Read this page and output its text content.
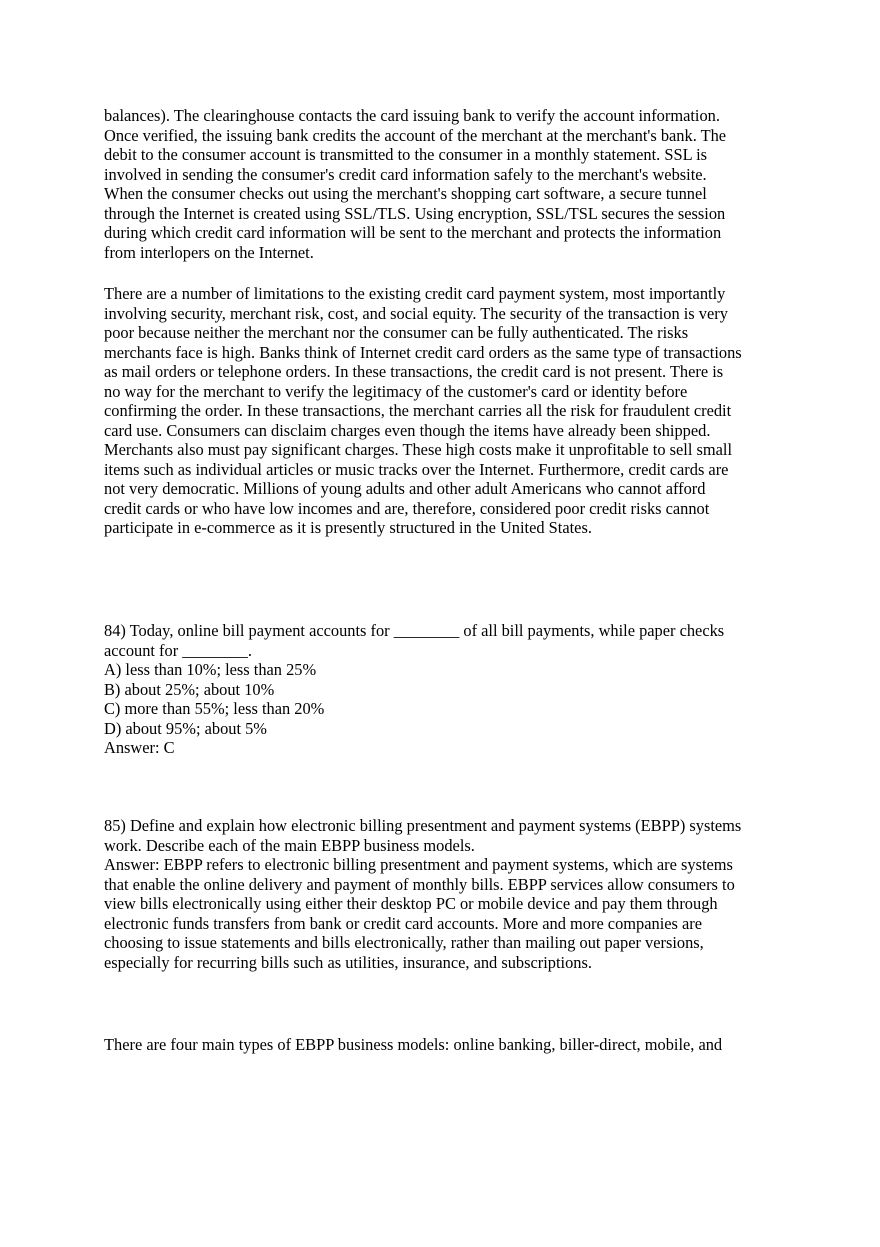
balances). The clearinghouse contacts the card issuing bank to verify the account information.
Once verified, the issuing bank credits the account of the merchant at the merchant's bank. The
debit to the consumer account is transmitted to the consumer in a monthly statement. SSL is
involved in sending the consumer's credit card information safely to the merchant's website.
When the consumer checks out using the merchant's shopping cart software, a secure tunnel
through the Internet is created using SSL/TLS. Using encryption, SSL/TSL secures the session
during which credit card information will be sent to the merchant and protects the information
from interlopers on the Internet.
There are a number of limitations to the existing credit card payment system, most importantly
involving security, merchant risk, cost, and social equity. The security of the transaction is very
poor because neither the merchant nor the consumer can be fully authenticated. The risks
merchants face is high. Banks think of Internet credit card orders as the same type of transactions
as mail orders or telephone orders. In these transactions, the credit card is not present. There is
no way for the merchant to verify the legitimacy of the customer's card or identity before
confirming the order. In these transactions, the merchant carries all the risk for fraudulent credit
card use. Consumers can disclaim charges even though the items have already been shipped.
Merchants also must pay significant charges. These high costs make it unprofitable to sell small
items such as individual articles or music tracks over the Internet. Furthermore, credit cards are
not very democratic. Millions of young adults and other adult Americans who cannot afford
credit cards or who have low incomes and are, therefore, considered poor credit risks cannot
participate in e-commerce as it is presently structured in the United States.
84) Today, online bill payment accounts for ________ of all bill payments, while paper checks
account for ________.
A) less than 10%; less than 25%
B) about 25%; about 10%
C) more than 55%; less than 20%
D) about 95%; about 5%
Answer: C
85) Define and explain how electronic billing presentment and payment systems (EBPP) systems
work. Describe each of the main EBPP business models.
Answer: EBPP refers to electronic billing presentment and payment systems, which are systems
that enable the online delivery and payment of monthly bills. EBPP services allow consumers to
view bills electronically using either their desktop PC or mobile device and pay them through
electronic funds transfers from bank or credit card accounts. More and more companies are
choosing to issue statements and bills electronically, rather than mailing out paper versions,
especially for recurring bills such as utilities, insurance, and subscriptions.
There are four main types of EBPP business models: online banking, biller-direct, mobile, and
